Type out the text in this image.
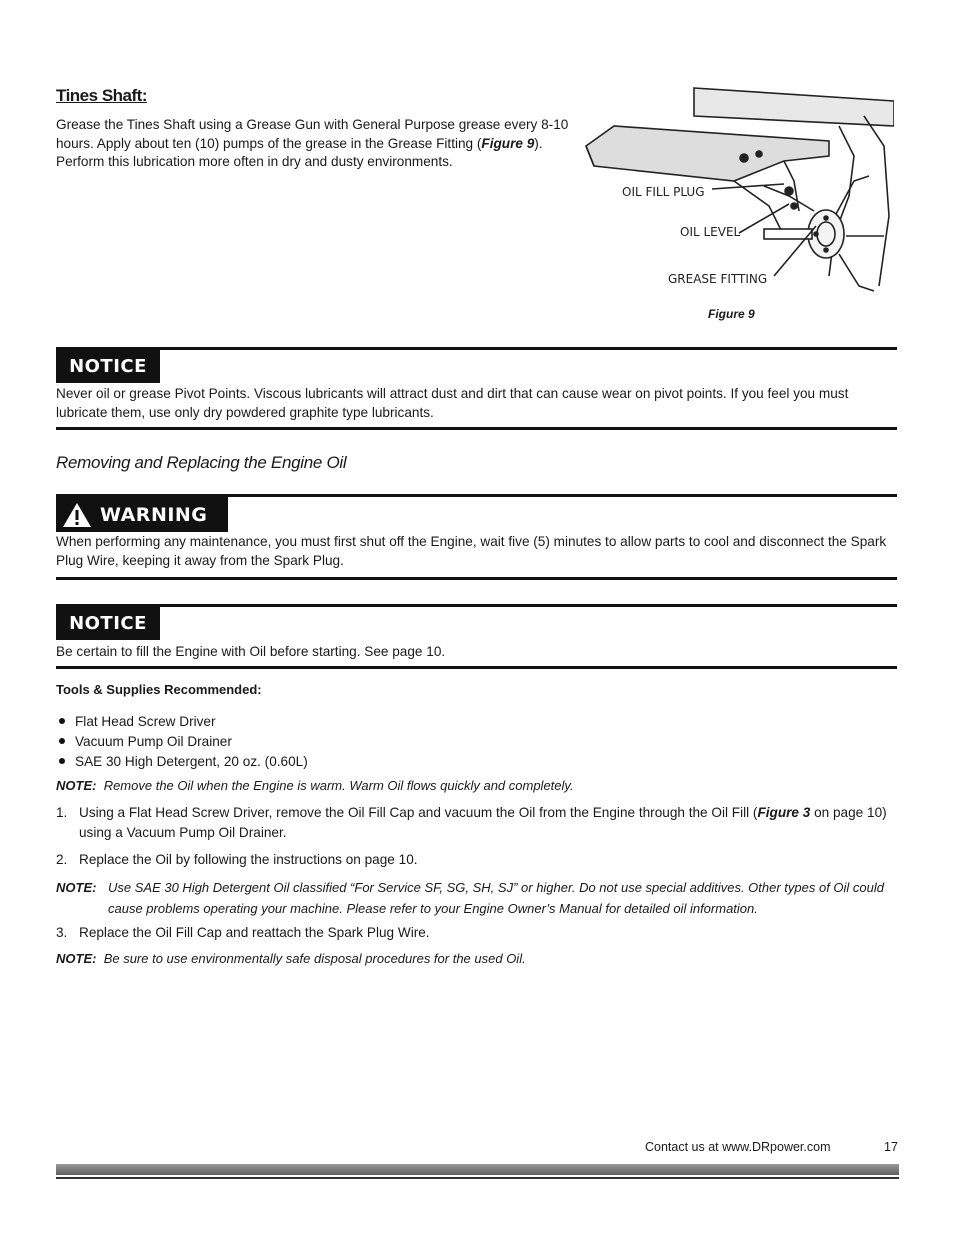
Tines Shaft:
Grease the Tines Shaft using a Grease Gun with General Purpose grease every 8-10 hours. Apply about ten (10) pumps of the grease in the Grease Fitting (Figure 9). Perform this lubrication more often in dry and dusty environments.
OIL FILL PLUG
OIL LEVEL
GREASE FITTING
Figure 9
NOTICE
Never oil or grease Pivot Points. Viscous lubricants will attract dust and dirt that can cause wear on pivot points. If you feel you must lubricate them, use only dry powdered graphite type lubricants.
Removing and Replacing the Engine Oil
WARNING
When performing any maintenance, you must first shut off the Engine, wait five (5) minutes to allow parts to cool and disconnect the Spark Plug Wire, keeping it away from the Spark Plug.
NOTICE
Be certain to fill the Engine with Oil before starting. See page 10.
Tools & Supplies Recommended:
Flat Head Screw Driver
Vacuum Pump Oil Drainer
SAE 30 High Detergent, 20 oz. (0.60L)
NOTE: Remove the Oil when the Engine is warm. Warm Oil flows quickly and completely.
1. Using a Flat Head Screw Driver, remove the Oil Fill Cap and vacuum the Oil from the Engine through the Oil Fill (Figure 3 on page 10) using a Vacuum Pump Oil Drainer.
2. Replace the Oil by following the instructions on page 10.
NOTE: Use SAE 30 High Detergent Oil classified “For Service SF, SG, SH, SJ” or higher. Do not use special additives. Other types of Oil could cause problems operating your machine. Please refer to your Engine Owner’s Manual for detailed oil information.
3. Replace the Oil Fill Cap and reattach the Spark Plug Wire.
NOTE: Be sure to use environmentally safe disposal procedures for the used Oil.
Contact us at www.DRpower.com	17
